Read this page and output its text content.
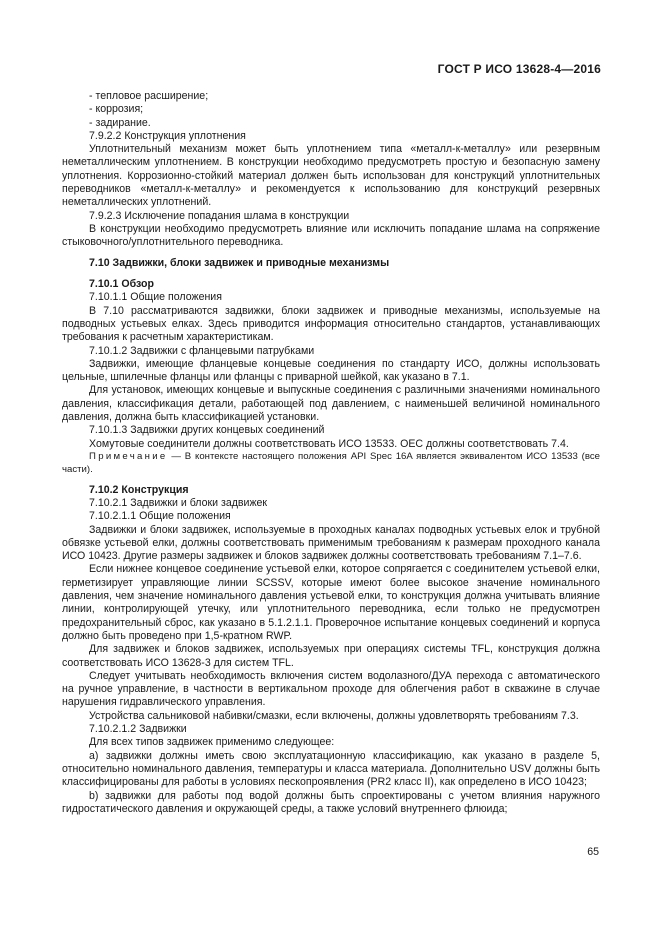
ГОСТ Р ИСО 13628-4—2016

- тепловое расширение;

- коррозия;

- задирание.

7.9.2.2 Конструкция уплотнения

Уплотнительный механизм может быть уплотнением типа «металл-к-металлу» или резервным неметаллическим уплотнением. В конструкции необходимо предусмотреть простую и безопасную замену уплотнения. Коррозионно-стойкий материал должен быть использован для конструкций уплотнительных переводников «металл-к-металлу» и рекомендуется к использованию для конструкций резервных неметаллических уплотнений.

7.9.2.3 Исключение попадания шлама в конструкции

В конструкции необходимо предусмотреть влияние или исключить попадание шлама на сопряжение стыковочного/уплотнительного переводника.

7.10 Задвижки, блоки задвижек и приводные механизмы

7.10.1 Обзор

7.10.1.1 Общие положения

В 7.10 рассматриваются задвижки, блоки задвижек и приводные механизмы, используемые на подводных устьевых елках. Здесь приводится информация относительно стандартов, устанавливающих требования к расчетным характеристикам.

7.10.1.2 Задвижки с фланцевыми патрубками

Задвижки, имеющие фланцевые концевые соединения по стандарту ИСО, должны использовать цельные, шпилечные фланцы или фланцы с приварной шейкой, как указано в 7.1.

Для установок, имеющих концевые и выпускные соединения с различными значениями номинального давления, классификация детали, работающей под давлением, с наименьшей величиной номинального давления, должна быть классификацией установки.

7.10.1.3 Задвижки других концевых соединений

Хомутовые соединители должны соответствовать ИСО 13533. ОЕС должны соответствовать 7.4.

Примечание — В контексте настоящего положения API Spec 16A является эквивалентом ИСО 13533 (все части).

7.10.2 Конструкция

7.10.2.1 Задвижки и блоки задвижек

7.10.2.1.1 Общие положения

Задвижки и блоки задвижек, используемые в проходных каналах подводных устьевых елок и трубной обвязке устьевой елки, должны соответствовать применимым требованиям к размерам проходного канала ИСО 10423. Другие размеры задвижек и блоков задвижек должны соответствовать требованиям 7.1–7.6.

Если нижнее концевое соединение устьевой елки, которое сопрягается с соединителем устьевой елки, герметизирует управляющие линии SCSSV, которые имеют более высокое значение номинального давления, чем значение номинального давления устьевой елки, то конструкция должна учитывать влияние линии, контролирующей утечку, или уплотнительного переводника, если только не предусмотрен предохранительный сброс, как указано в 5.1.2.1.1. Проверочное испытание концевых соединений и корпуса должно быть проведено при 1,5-кратном RWP.

Для задвижек и блоков задвижек, используемых при операциях системы TFL, конструкция должна соответствовать ИСО 13628-3 для систем TFL.

Следует учитывать необходимость включения систем водолазного/ДУА перехода с автоматического на ручное управление, в частности в вертикальном проходе для облегчения работ в скважине в случае нарушения гидравлического управления.

Устройства сальниковой набивки/смазки, если включены, должны удовлетворять требованиям 7.3.

7.10.2.1.2 Задвижки

Для всех типов задвижек применимо следующее:

а) задвижки должны иметь свою эксплуатационную классификацию, как указано в разделе 5, относительно номинального давления, температуры и класса материала. Дополнительно USV должны быть классифицированы для работы в условиях пескопроявления (PR2 класс II), как определено в ИСО 10423;

b) задвижки для работы под водой должны быть спроектированы с учетом влияния наружного гидростатического давления и окружающей среды, а также условий внутреннего флюида;

65
